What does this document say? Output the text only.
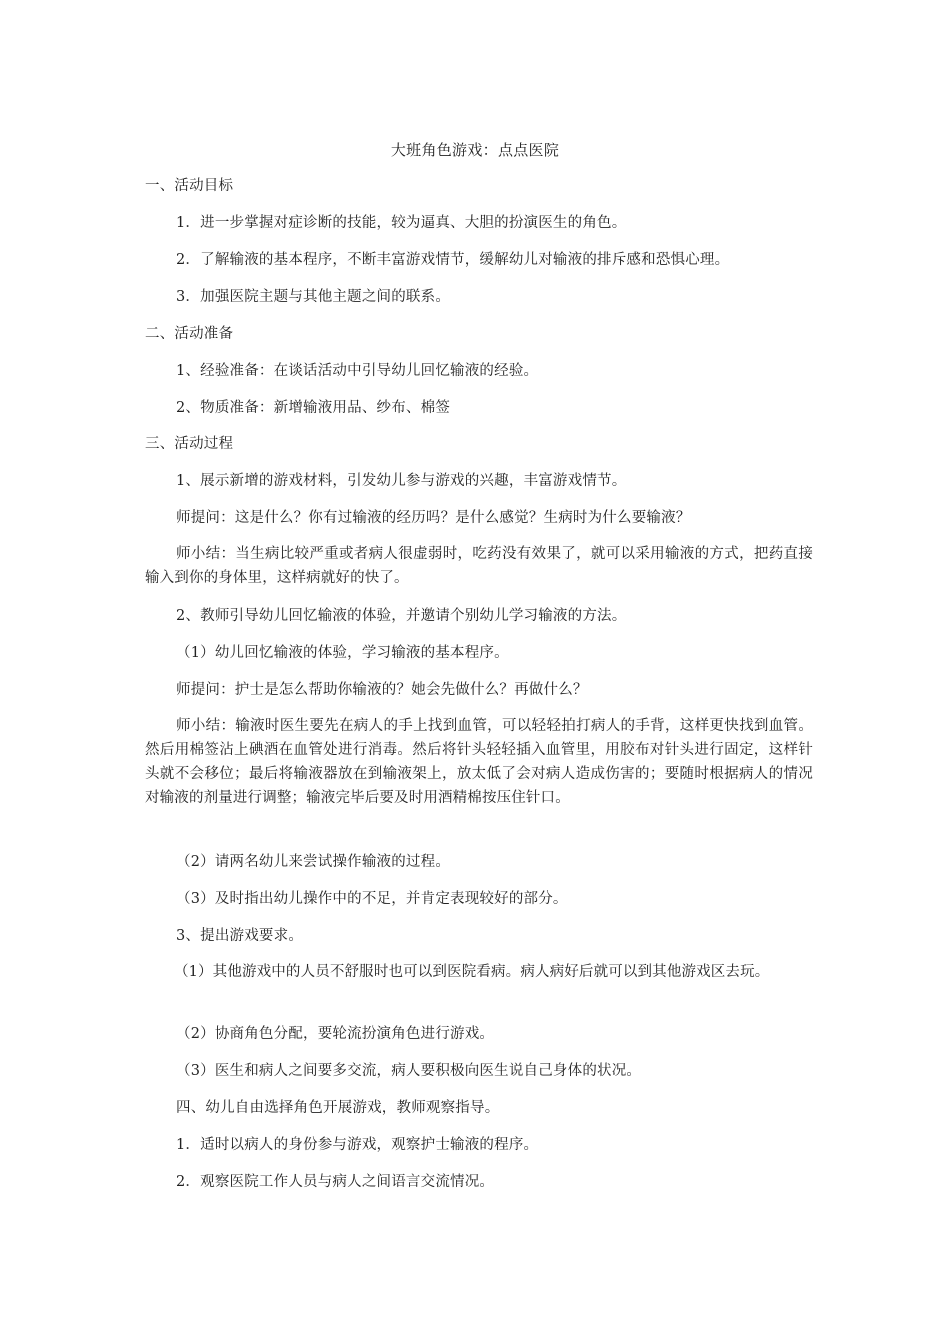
大班角色游戏：点点医院
一、活动目标
1．进一步掌握对症诊断的技能，较为逼真、大胆的扮演医生的角色。
2．了解输液的基本程序，不断丰富游戏情节，缓解幼儿对输液的排斥感和恐惧心理。
3．加强医院主题与其他主题之间的联系。
二、活动准备
1、经验准备：在谈话活动中引导幼儿回忆输液的经验。
2、物质准备：新增输液用品、纱布、棉签
三、活动过程
1、展示新增的游戏材料，引发幼儿参与游戏的兴趣，丰富游戏情节。
师提问：这是什么？你有过输液的经历吗？是什么感觉？生病时为什么要输液？
师小结：当生病比较严重或者病人很虚弱时，吃药没有效果了，就可以采用输液的方式，把药直接输入到你的身体里，这样病就好的快了。
2、教师引导幼儿回忆输液的体验，并邀请个别幼儿学习输液的方法。
（1）幼儿回忆输液的体验，学习输液的基本程序。
师提问：护士是怎么帮助你输液的？她会先做什么？再做什么？
师小结：输液时医生要先在病人的手上找到血管，可以轻轻拍打病人的手背，这样更快找到血管。然后用棉签沾上碘酒在血管处进行消毒。然后将针头轻轻插入血管里，用胶布对针头进行固定，这样针头就不会移位；最后将输液器放在到输液架上，放太低了会对病人造成伤害的；要随时根据病人的情况对输液的剂量进行调整；输液完毕后要及时用酒精棉按压住针口。
（2）请两名幼儿来尝试操作输液的过程。
（3）及时指出幼儿操作中的不足，并肯定表现较好的部分。
3、提出游戏要求。
（1）其他游戏中的人员不舒服时也可以到医院看病。病人病好后就可以到其他游戏区去玩。
（2）协商角色分配，要轮流扮演角色进行游戏。
（3）医生和病人之间要多交流，病人要积极向医生说自己身体的状况。
四、幼儿自由选择角色开展游戏，教师观察指导。
1．适时以病人的身份参与游戏，观察护士输液的程序。
2．观察医院工作人员与病人之间语言交流情况。
